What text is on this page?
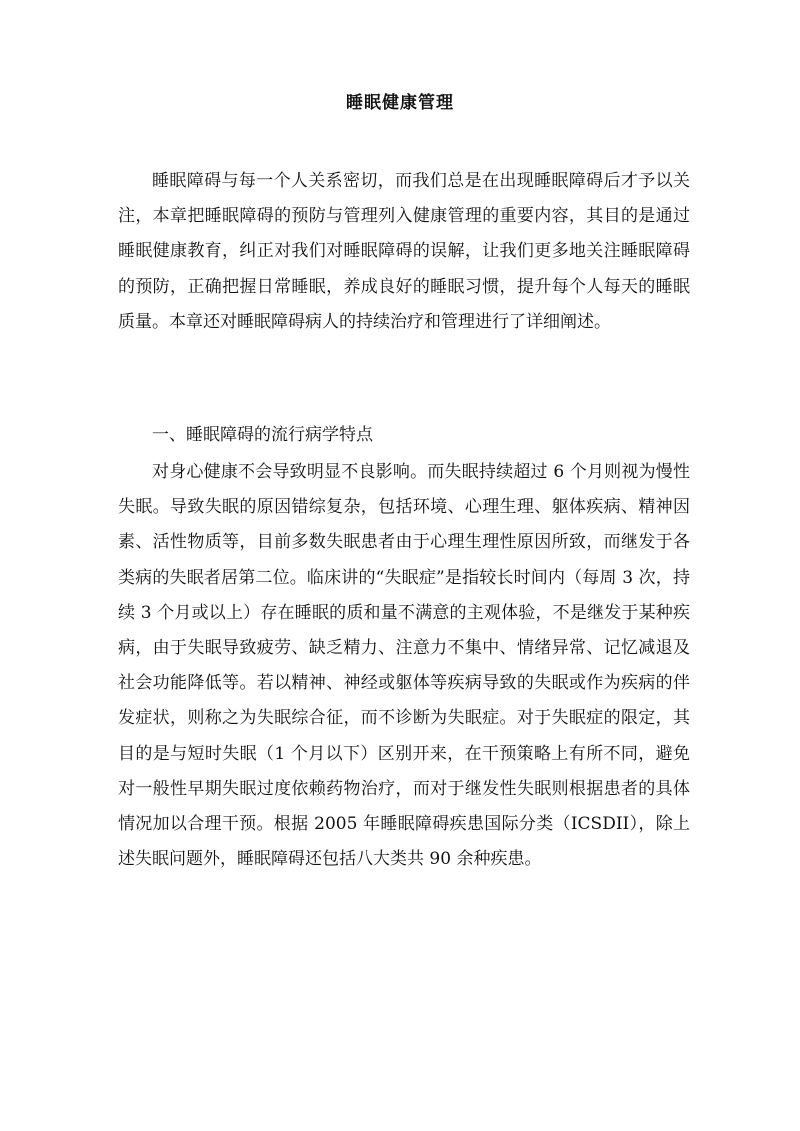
睡眠健康管理

睡眠障碍与每一个人关系密切，而我们总是在出现睡眠障碍后才予以关注，本章把睡眠障碍的预防与管理列入健康管理的重要内容，其目的是通过睡眠健康教育，纠正对我们对睡眠障碍的误解，让我们更多地关注睡眠障碍的预防，正确把握日常睡眠，养成良好的睡眠习惯，提升每个人每天的睡眠质量。本章还对睡眠障碍病人的持续治疗和管理进行了详细阐述。

一、睡眠障碍的流行病学特点

对身心健康不会导致明显不良影响。而失眠持续超过 6 个月则视为慢性失眠。导致失眠的原因错综复杂，包括环境、心理生理、躯体疾病、精神因素、活性物质等，目前多数失眠患者由于心理生理性原因所致，而继发于各类病的失眠者居第二位。临床讲的“失眠症”是指较长时间内（每周 3 次，持续 3 个月或以上）存在睡眠的质和量不满意的主观体验，不是继发于某种疾病，由于失眠导致疲劳、缺乏精力、注意力不集中、情绪异常、记忆减退及社会功能降低等。若以精神、神经或躯体等疾病导致的失眠或作为疾病的伴发症状，则称之为失眠综合征，而不诊断为失眠症。对于失眠症的限定，其目的是与短时失眠（1 个月以下）区别开来，在干预策略上有所不同，避免对一般性早期失眠过度依赖药物治疗，而对于继发性失眠则根据患者的具体情况加以合理干预。根据 2005 年睡眠障碍疾患国际分类（ICSDII），除上述失眠问题外，睡眠障碍还包括八大类共 90 余种疾患。
